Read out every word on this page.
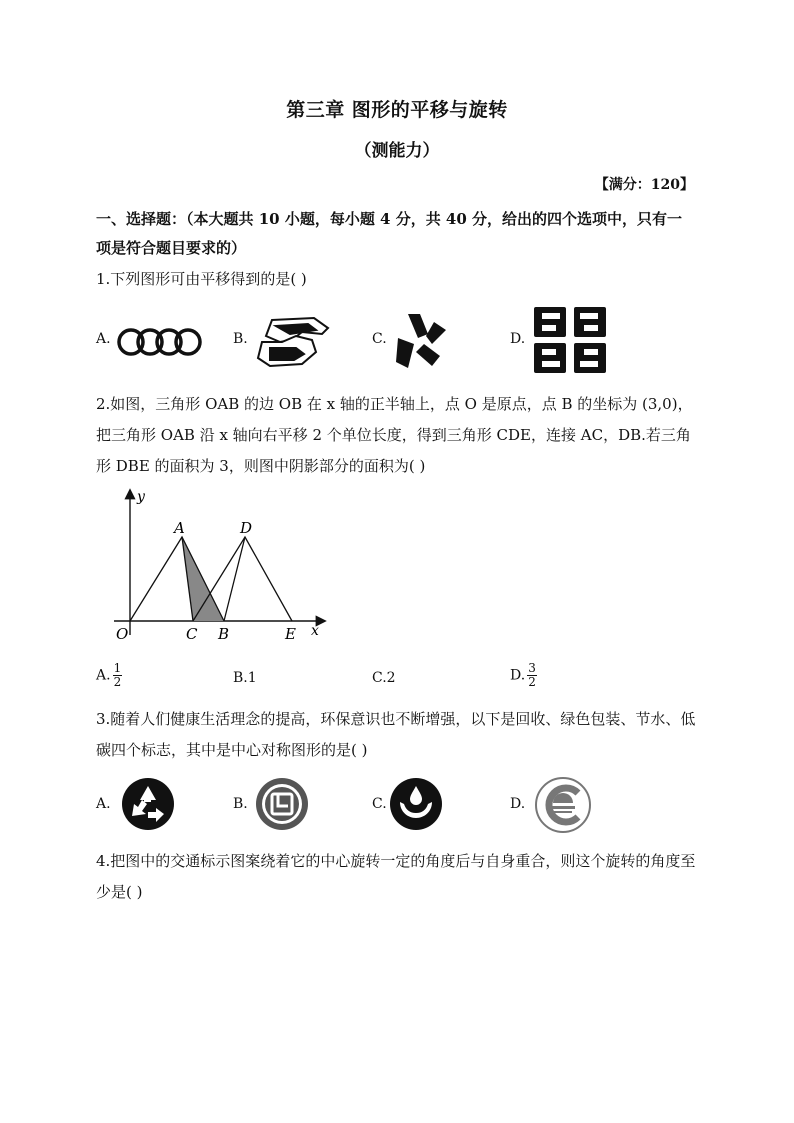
第三章 图形的平移与旋转
（测能力）
【满分：120】
一、选择题：（本大题共 10 小题，每小题 4 分，共 40 分，给出的四个选项中，只有一项是符合题目要求的）
1.下列图形可由平移得到的是( )
A.	B.	C.	D.
2.如图，三角形 OAB 的边 OB 在 x 轴的正半轴上，点 O 是原点，点 B 的坐标为 (3,0)，把三角形 OAB 沿 x 轴向右平移 2 个单位长度，得到三角形 CDE，连接 AC，DB.若三角形 DBE 的面积为 3，则图中阴影部分的面积为( )
y
x
O
A	D
C B	E
A. $\frac{1}{2}$	B.1	C.2	D. $\frac{3}{2}$
3.随着人们健康生活理念的提高，环保意识也不断增强，以下是回收、绿色包装、节水、低碳四个标志，其中是中心对称图形的是( )
A.	B.	C.	D.
4.把图中的交通标示图案绕着它的中心旋转一定的角度后与自身重合，则这个旋转的角度至少是( )
